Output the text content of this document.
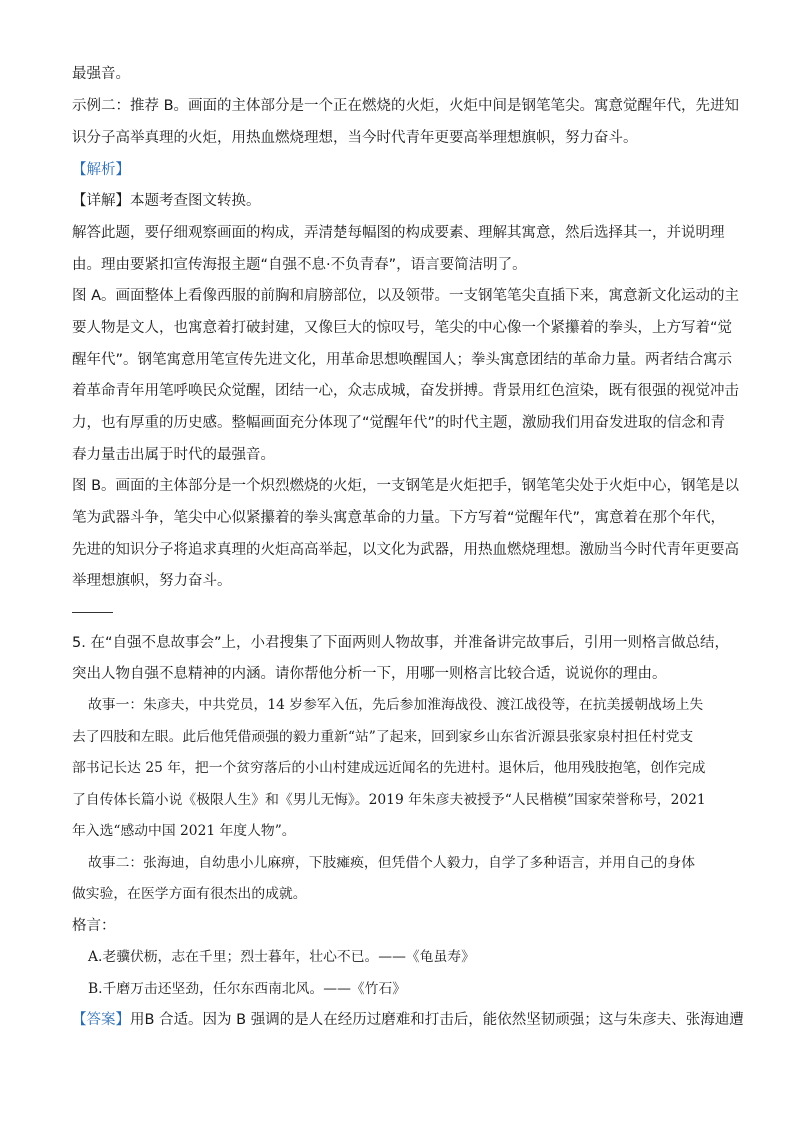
最强音。
示例二：推荐 B。画面的主体部分是一个正在燃烧的火炬，火炬中间是钢笔笔尖。寓意觉醒年代，先进知
识分子高举真理的火炬，用热血燃烧理想，当今时代青年更要高举理想旗帜，努力奋斗。
【解析】
【详解】本题考查图文转换。
解答此题，要仔细观察画面的构成，弄清楚每幅图的构成要素、理解其寓意，然后选择其一，并说明理
由。理由要紧扣宣传海报主题“自强不息·不负青春”，语言要简洁明了。
图 A。画面整体上看像西服的前胸和肩膀部位，以及领带。一支钢笔笔尖直插下来，寓意新文化运动的主
要人物是文人，也寓意着打破封建，又像巨大的惊叹号，笔尖的中心像一个紧攥着的拳头，上方写着“觉
醒年代”。钢笔寓意用笔宣传先进文化，用革命思想唤醒国人；拳头寓意团结的革命力量。两者结合寓示
着革命青年用笔呼唤民众觉醒，团结一心，众志成城，奋发拼搏。背景用红色渲染，既有很强的视觉冲击
力，也有厚重的历史感。整幅画面充分体现了“觉醒年代”的时代主题，激励我们用奋发进取的信念和青
春力量击出属于时代的最强音。
图 B。画面的主体部分是一个炽烈燃烧的火炬，一支钢笔是火炬把手，钢笔笔尖处于火炬中心，钢笔是以
笔为武器斗争，笔尖中心似紧攥着的拳头寓意革命的力量。下方写着“觉醒年代”，寓意着在那个年代，
先进的知识分子将追求真理的火炬高高举起，以文化为武器，用热血燃烧理想。激励当今时代青年更要高
举理想旗帜，努力奋斗。
5. 在“自强不息故事会”上，小君搜集了下面两则人物故事，并准备讲完故事后，引用一则格言做总结，
突出人物自强不息精神的内涵。请你帮他分析一下，用哪一则格言比较合适，说说你的理由。
故事一：朱彦夫，中共党员，14 岁参军入伍，先后参加淮海战役、渡江战役等，在抗美援朝战场上失
去了四肢和左眼。此后他凭借顽强的毅力重新“站”了起来，回到家乡山东省沂源县张家泉村担任村党支
部书记长达 25 年，把一个贫穷落后的小山村建成远近闻名的先进村。退休后，他用残肢抱笔，创作完成
了自传体长篇小说《极限人生》和《男儿无悔》。2019 年朱彦夫被授予“人民楷模”国家荣誉称号，2021
年入选“感动中国 2021 年度人物”。
故事二：张海迪，自幼患小儿麻痹，下肢瘫痪，但凭借个人毅力，自学了多种语言，并用自己的身体
做实验，在医学方面有很杰出的成就。
格言：
A.老骥伏枥，志在千里；烈士暮年，壮心不已。——《龟虽寿》
B.千磨万击还坚劲，任尔东西南北风。——《竹石》
【答案】 用B 合适。因为 B 强调的是人在经历过磨难和打击后，能依然坚韧顽强；这与朱彦夫、张海迪遭
